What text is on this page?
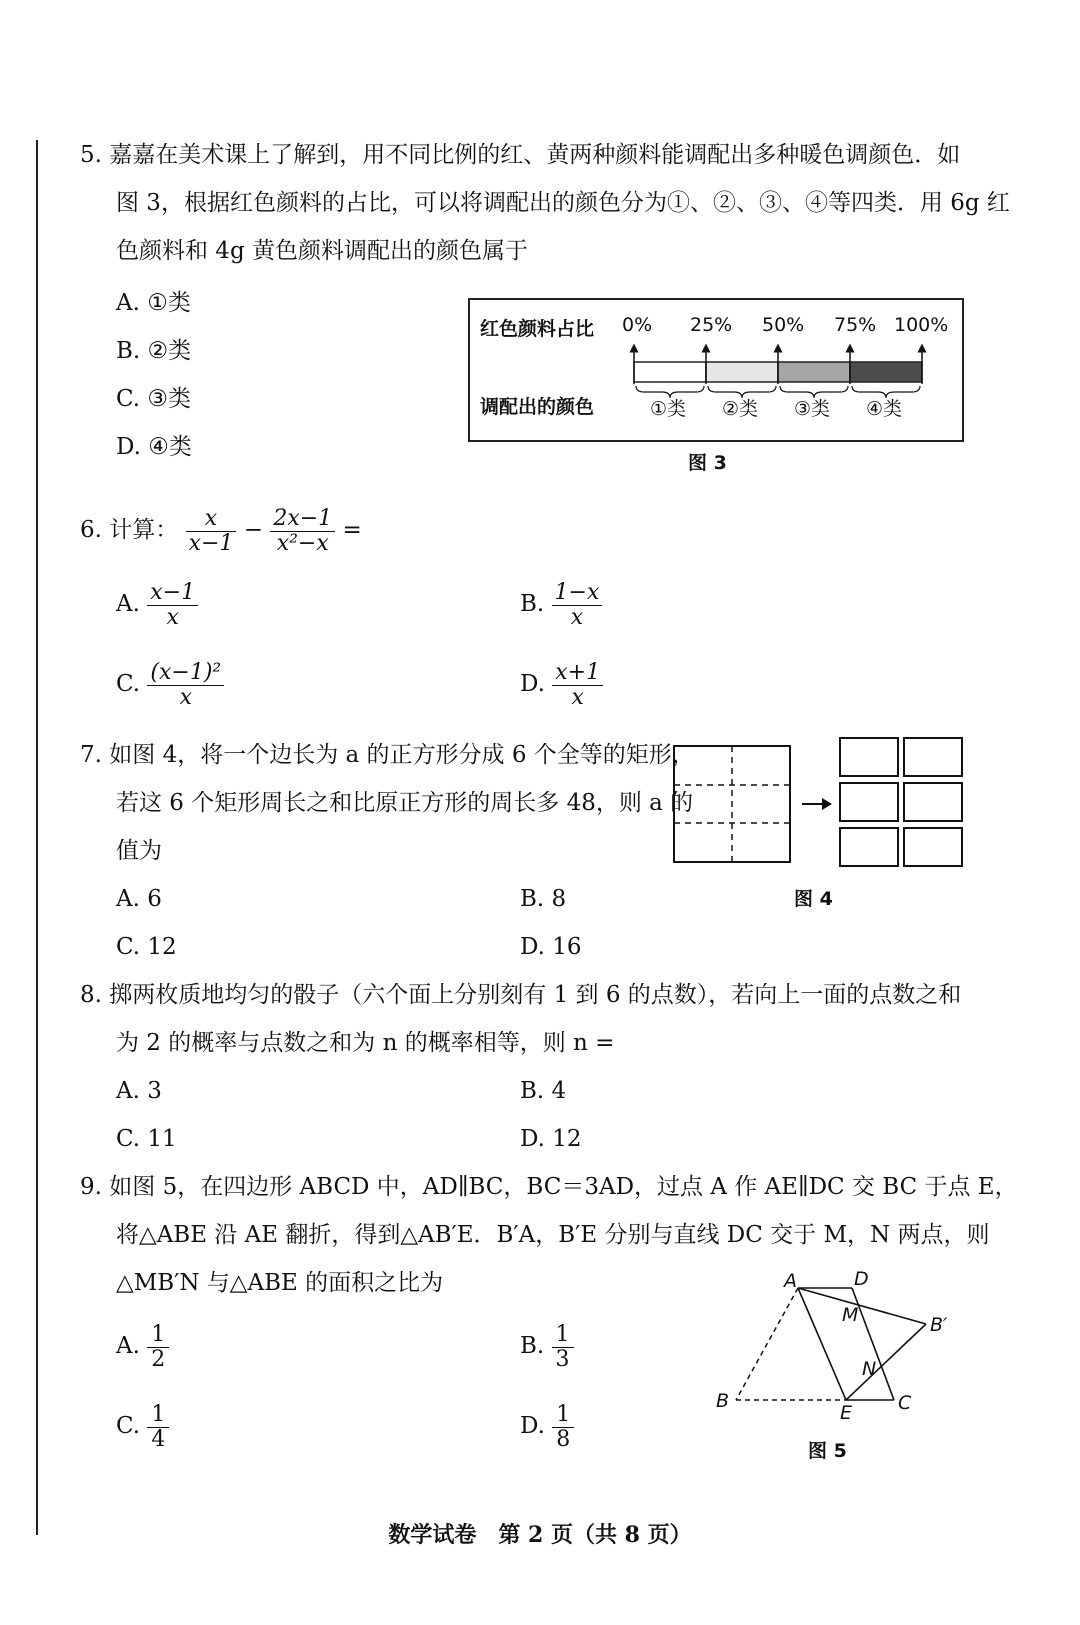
5. 嘉嘉在美术课上了解到，用不同比例的红、黄两种颜料能调配出多种暖色调颜色．如
图 3，根据红色颜料的占比，可以将调配出的颜色分为①、②、③、④等四类．用 6g 红
色颜料和 4g 黄色颜料调配出的颜色属于
A. ①类
B. ②类
C. ③类
D. ④类
红色颜料占比
调配出的颜色
0% 25% 50% 75% 100%
①类 ②类 ③类 ④类
图 3
6. 计算： $\frac{x}{x-1} - \frac{2x-1}{\text{x²−x}}$ =
A. $\frac{x-1}{x}$	B. $\frac{1-x}{x}$
C. $\frac{\text{(x−1)²}}{x}$	D. $\frac{x+1}{x}$
7. 如图 4，将一个边长为 a 的正方形分成 6 个全等的矩形，
若这 6 个矩形周长之和比原正方形的周长多 48，则 a 的
值为
A. 6	B. 8
C. 12	D. 16
图 4
8. 掷两枚质地均匀的骰子（六个面上分别刻有 1 到 6 的点数），若向上一面的点数之和
为 2 的概率与点数之和为 n 的概率相等，则 n =
A. 3	B. 4
C. 11	D. 12
9. 如图 5，在四边形 ABCD 中，AD∥BC，BC＝3AD，过点 A 作 AE∥DC 交 BC 于点 E，
将△ABE 沿 AE 翻折，得到△AB′E．B′A，B′E 分别与直线 DC 交于 M，N 两点，则
△MB′N 与△ABE 的面积之比为
A. $\frac{1}{2}$	B. $\frac{1}{3}$
C. $\frac{1}{4}$	D. $\frac{1}{8}$
A	D
M	B′
N
B
E C
图 5
数学试卷　第 2 页（共 8 页）
